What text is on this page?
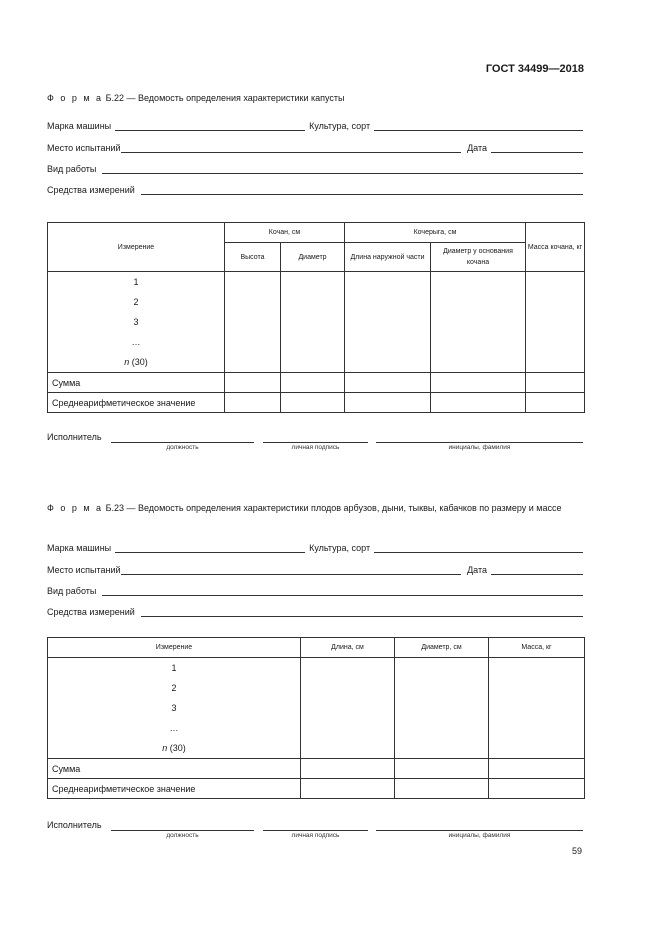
ГОСТ 34499—2018
Ф о р м а Б.22 — Ведомость определения характеристики капусты
Марка машины	Культура, сорт
Место испытаний	Дата
Вид работы
Средства измерений
Измерение	Кочан, см		Кочерыга, см		Масса кочана, кг
	Высота	Диаметр	Длина наружной части	Диаметр у основания кочана	

1
2
3
…
n (30)					

Сумма					
Среднеарифметическое значение					
Исполнитель
должность	личная подпись	инициалы, фамилия
Ф о р м а Б.23 — Ведомость определения характеристики плодов арбузов, дыни, тыквы, кабачков по размеру и массе
Марка машины	Культура, сорт
Место испытаний	Дата
Вид работы
Средства измерений
Измерение	Длина, см	Диаметр, см	Масса, кг

1
2
3
…
n (30)			

Сумма			
Среднеарифметическое значение			
Исполнитель
должность	личная подпись	инициалы, фамилия
59
